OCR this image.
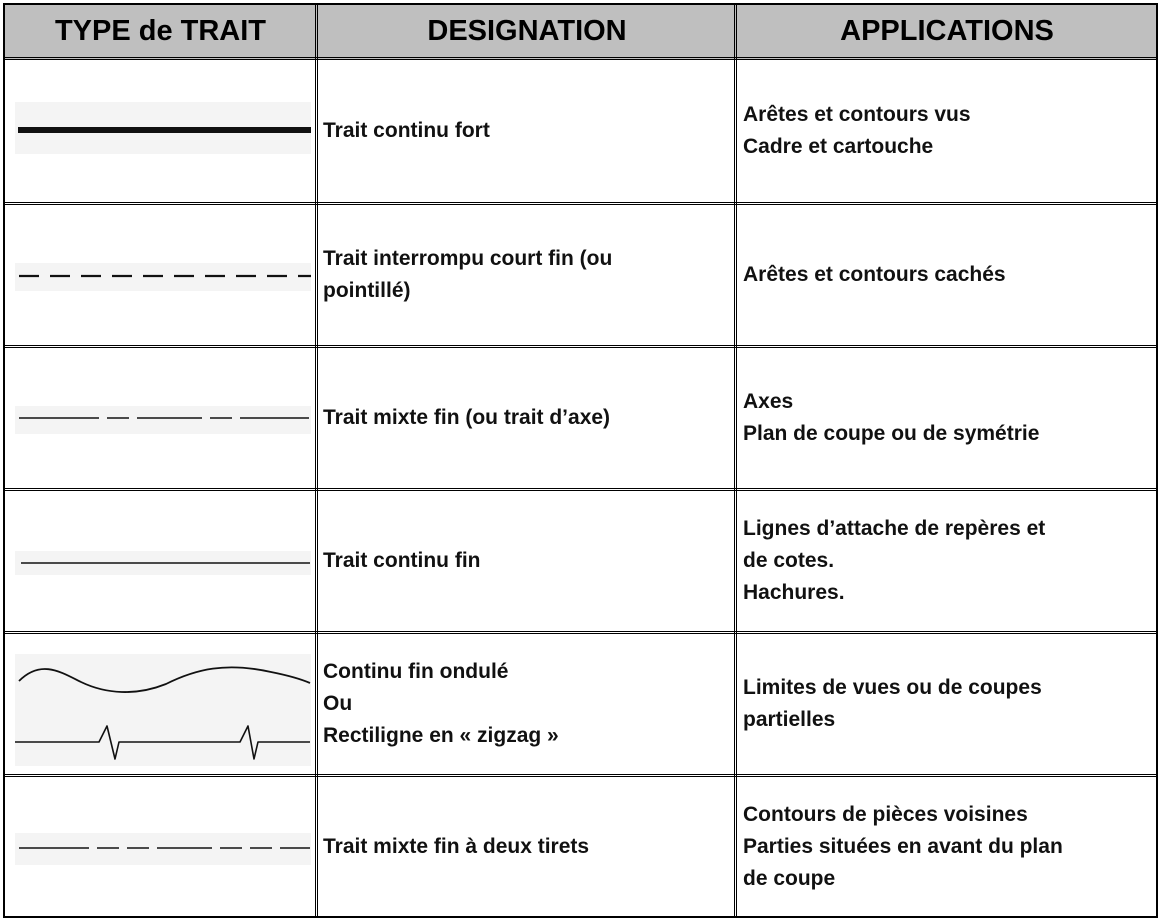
TYPE de TRAIT	DESIGNATION	APPLICATIONS
Trait continu fort
Arêtes et contours vus
Cadre et cartouche
Trait interrompu court fin (ou
pointillé)
Arêtes et contours cachés
Trait mixte fin (ou trait d’axe)
Axes
Plan de coupe ou de symétrie
Trait continu fin
Lignes d’attache de repères et
de cotes.
Hachures.
Continu fin ondulé
Ou
Rectiligne en « zigzag »
Limites de vues ou de coupes
partielles
Trait mixte fin à deux tirets
Contours de pièces voisines
Parties situées en avant du plan
de coupe
